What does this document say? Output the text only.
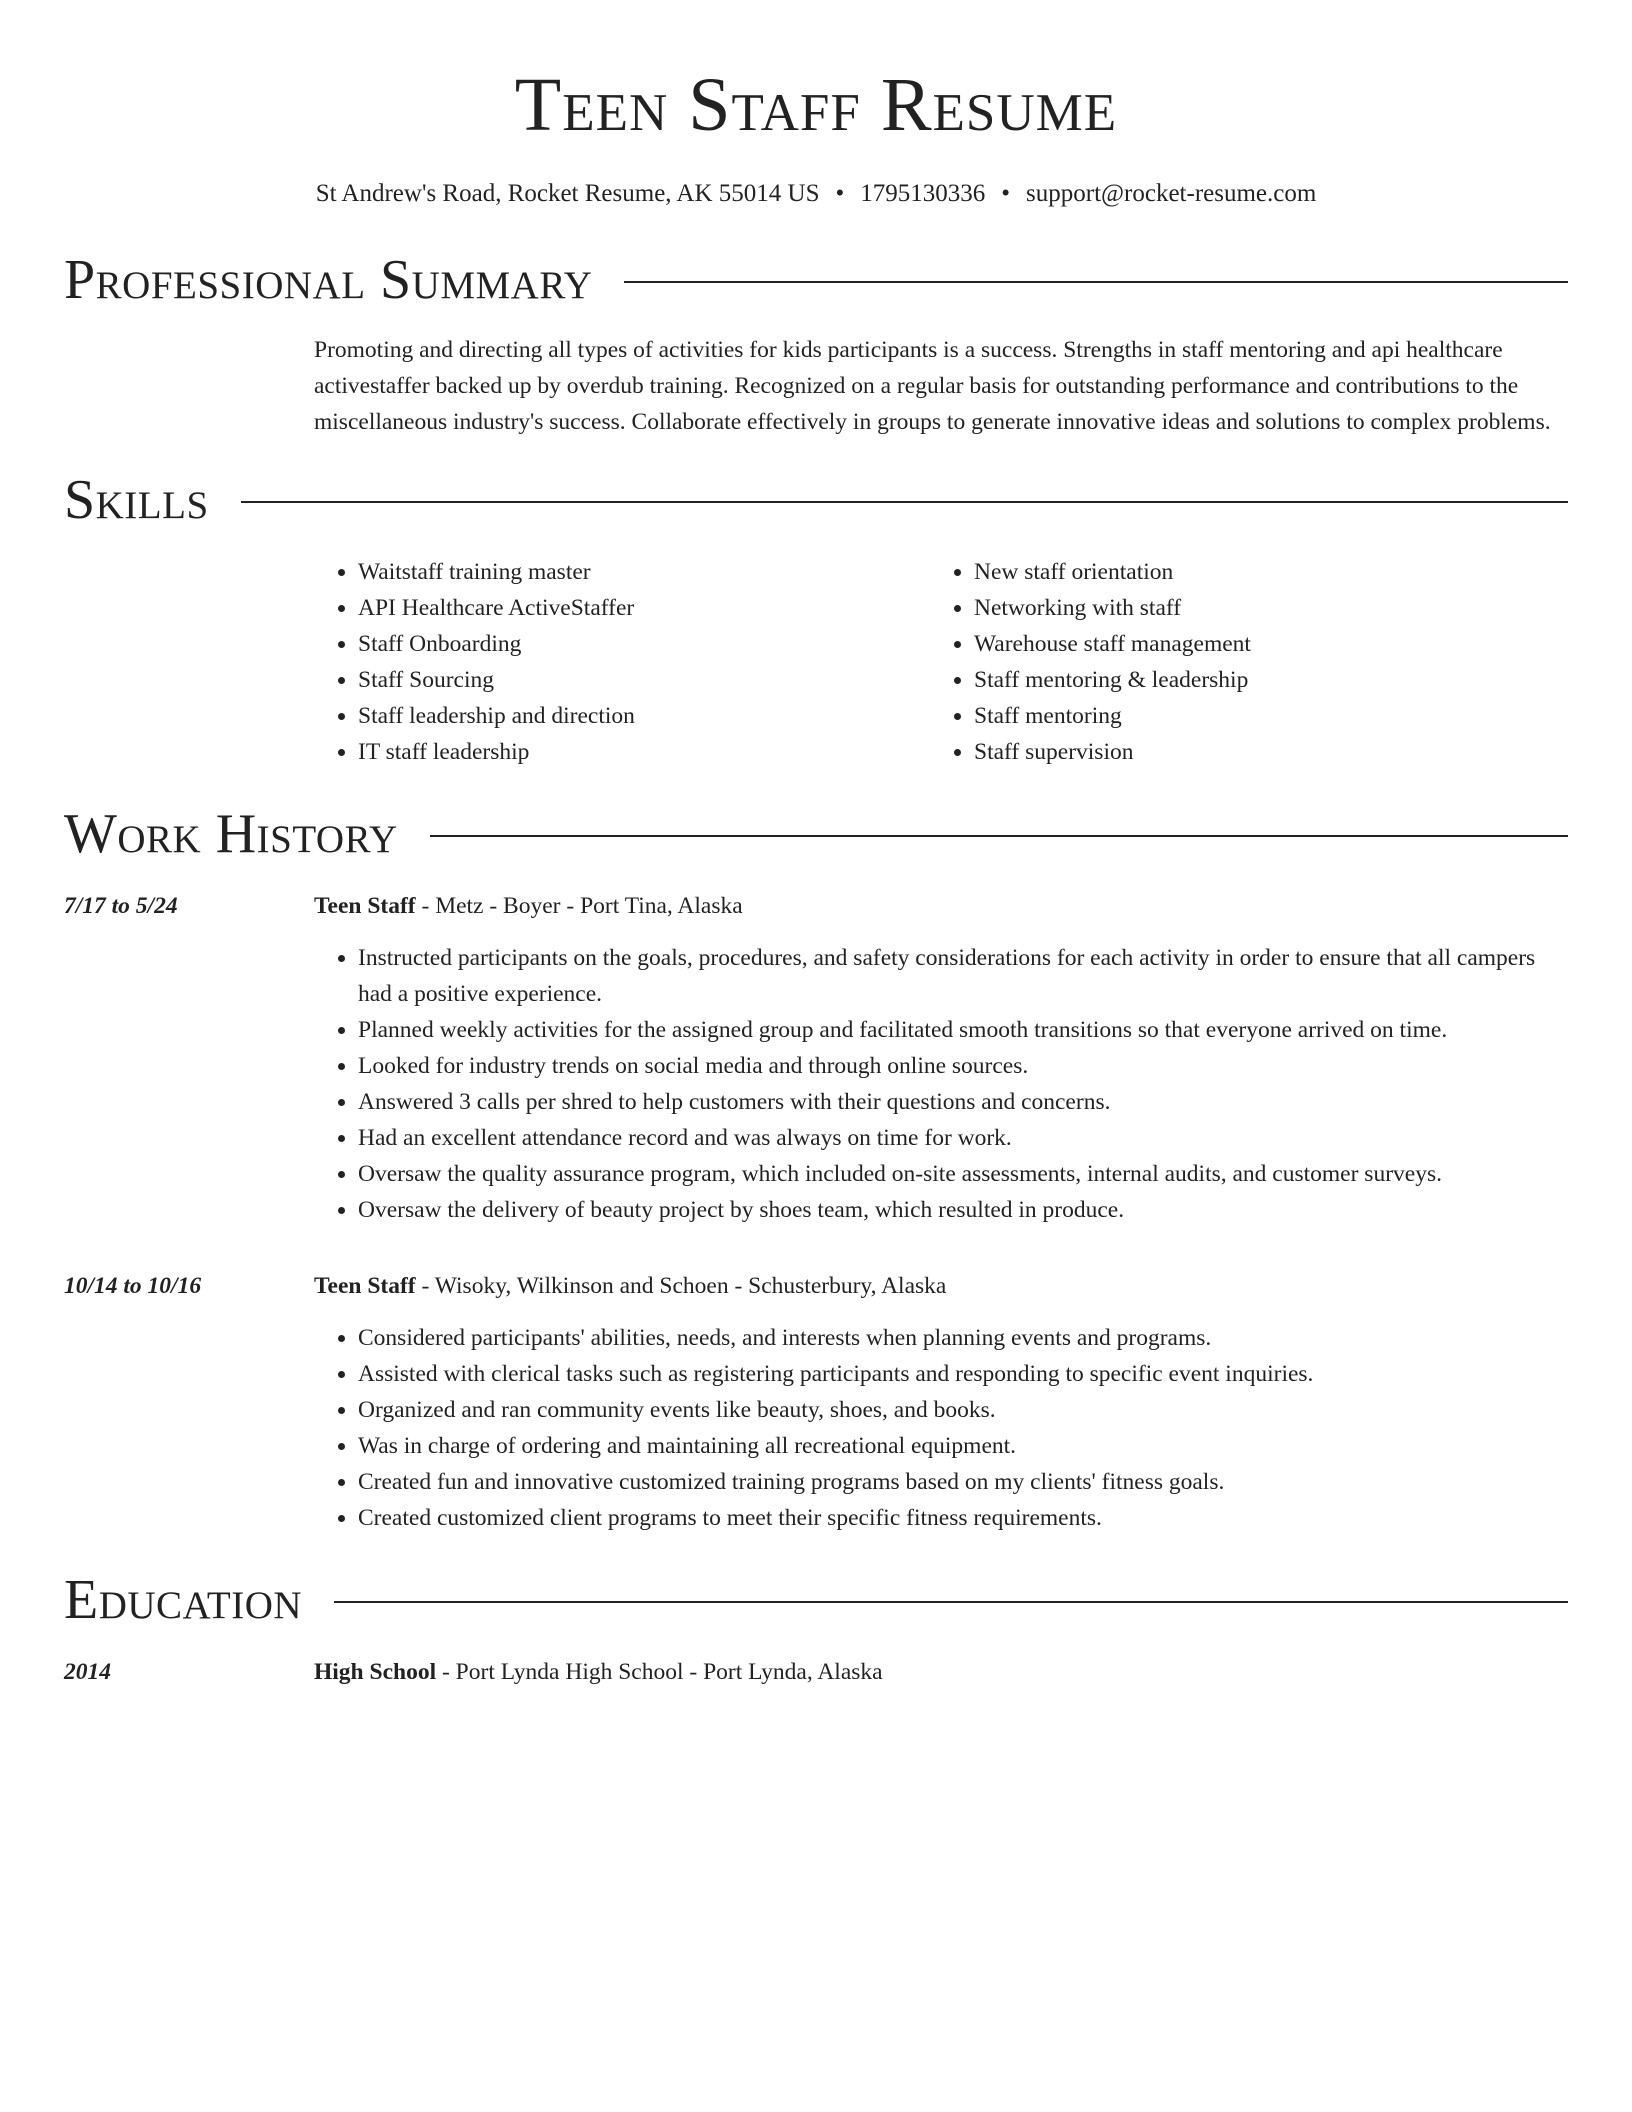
Teen Staff Resume
St Andrew's Road, Rocket Resume, AK 55014 US • 1795130336 • support@rocket-resume.com
Professional Summary

Promoting and directing all types of activities for kids participants is a success. Strengths in staff mentoring and api healthcare activestaffer backed up by overdub training. Recognized on a regular basis for outstanding performance and contributions to the miscellaneous industry's success. Collaborate effectively in groups to generate innovative ideas and solutions to complex problems.

Skills
• Waitstaff training master
• API Healthcare ActiveStaffer
• Staff Onboarding
• Staff Sourcing
• Staff leadership and direction
• IT staff leadership
• New staff orientation
• Networking with staff
• Warehouse staff management
• Staff mentoring & leadership
• Staff mentoring
• Staff supervision
Work History
7/17 to 5/24	Teen Staff - Metz - Boyer - Port Tina, Alaska
• Instructed participants on the goals, procedures, and safety considerations for each activity in order to ensure that all campers had a positive experience.
• Planned weekly activities for the assigned group and facilitated smooth transitions so that everyone arrived on time.
• Looked for industry trends on social media and through online sources.
• Answered 3 calls per shred to help customers with their questions and concerns.
• Had an excellent attendance record and was always on time for work.
• Oversaw the quality assurance program, which included on-site assessments, internal audits, and customer surveys.
• Oversaw the delivery of beauty project by shoes team, which resulted in produce.
10/14 to 10/16	Teen Staff - Wisoky, Wilkinson and Schoen - Schusterbury, Alaska
• Considered participants' abilities, needs, and interests when planning events and programs.
• Assisted with clerical tasks such as registering participants and responding to specific event inquiries.
• Organized and ran community events like beauty, shoes, and books.
• Was in charge of ordering and maintaining all recreational equipment.
• Created fun and innovative customized training programs based on my clients' fitness goals.
• Created customized client programs to meet their specific fitness requirements.
Education
2014	High School - Port Lynda High School - Port Lynda, Alaska
